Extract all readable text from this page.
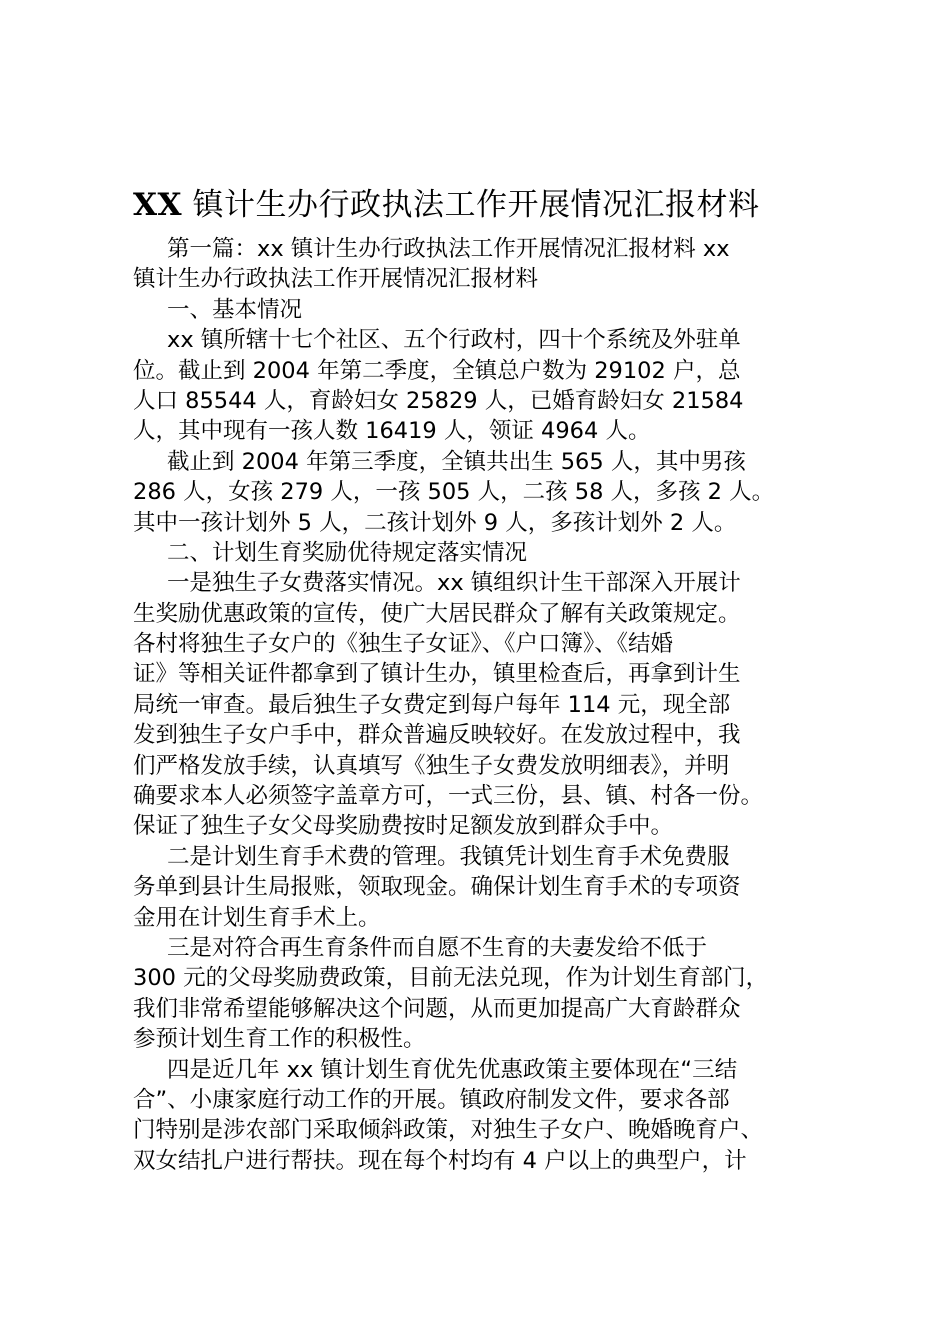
XX 镇计生办行政执法工作开展情况汇报材料
第一篇：xx 镇计生办行政执法工作开展情况汇报材料 xx
镇计生办行政执法工作开展情况汇报材料
一、基本情况
xx 镇所辖十七个社区、五个行政村，四十个系统及外驻单
位。截止到 2004 年第二季度，全镇总户数为 29102 户，总
人口 85544 人，育龄妇女 25829 人，已婚育龄妇女 21584
人，其中现有一孩人数 16419 人，领证 4964 人。
截止到 2004 年第三季度，全镇共出生 565 人，其中男孩
286 人，女孩 279 人，一孩 505 人，二孩 58 人，多孩 2 人。
其中一孩计划外 5 人，二孩计划外 9 人，多孩计划外 2 人。
二、计划生育奖励优待规定落实情况
一是独生子女费落实情况。xx 镇组织计生干部深入开展计
生奖励优惠政策的宣传，使广大居民群众了解有关政策规定。
各村将独生子女户的《独生子女证》、《户口簿》、《结婚
证》等相关证件都拿到了镇计生办，镇里检查后，再拿到计生
局统一审查。最后独生子女费定到每户每年 114 元，现全部
发到独生子女户手中，群众普遍反映较好。在发放过程中，我
们严格发放手续，认真填写《独生子女费发放明细表》，并明
确要求本人必须签字盖章方可，一式三份，县、镇、村各一份。
保证了独生子女父母奖励费按时足额发放到群众手中。
二是计划生育手术费的管理。我镇凭计划生育手术免费服
务单到县计生局报账，领取现金。确保计划生育手术的专项资
金用在计划生育手术上。
三是对符合再生育条件而自愿不生育的夫妻发给不低于
300 元的父母奖励费政策，目前无法兑现，作为计划生育部门，
我们非常希望能够解决这个问题，从而更加提高广大育龄群众
参预计划生育工作的积极性。
四是近几年 xx 镇计划生育优先优惠政策主要体现在“三结
合”、小康家庭行动工作的开展。镇政府制发文件，要求各部
门特别是涉农部门采取倾斜政策，对独生子女户、晚婚晚育户、
双女结扎户进行帮扶。现在每个村均有 4 户以上的典型户，计
